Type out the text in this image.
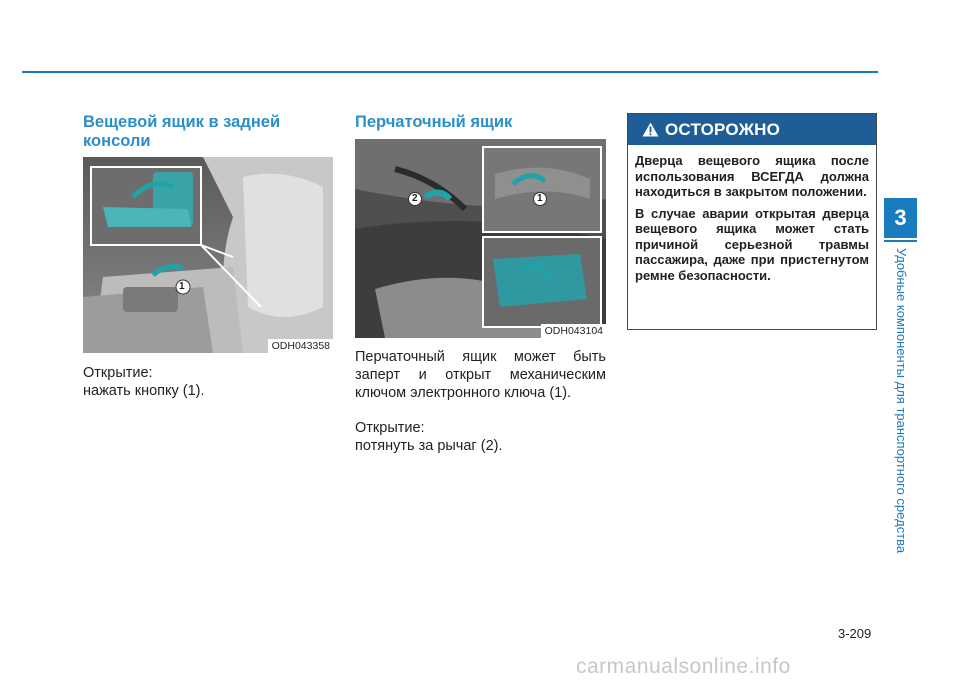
Вещевой ящик в задней консоли
1
ODH043358

Открытие:

нажать кнопку (1).

Перчаточный ящик
2	1
ODH043104

Перчаточный ящик может быть заперт и открыт механическим ключом электронного ключа (1).

Открытие:

потянуть за рычаг (2).

ОСТОРОЖНО

Дверца вещевого ящика после использования ВСЕГДА должна находиться в закрытом положении.

В случае аварии открытая дверца вещевого ящика может стать причиной серьезной травмы пассажира, даже при пристегнутом ремне безопасности.

3
Удобные компоненты для транспортного средства
3-209
carmanualsonline.info
